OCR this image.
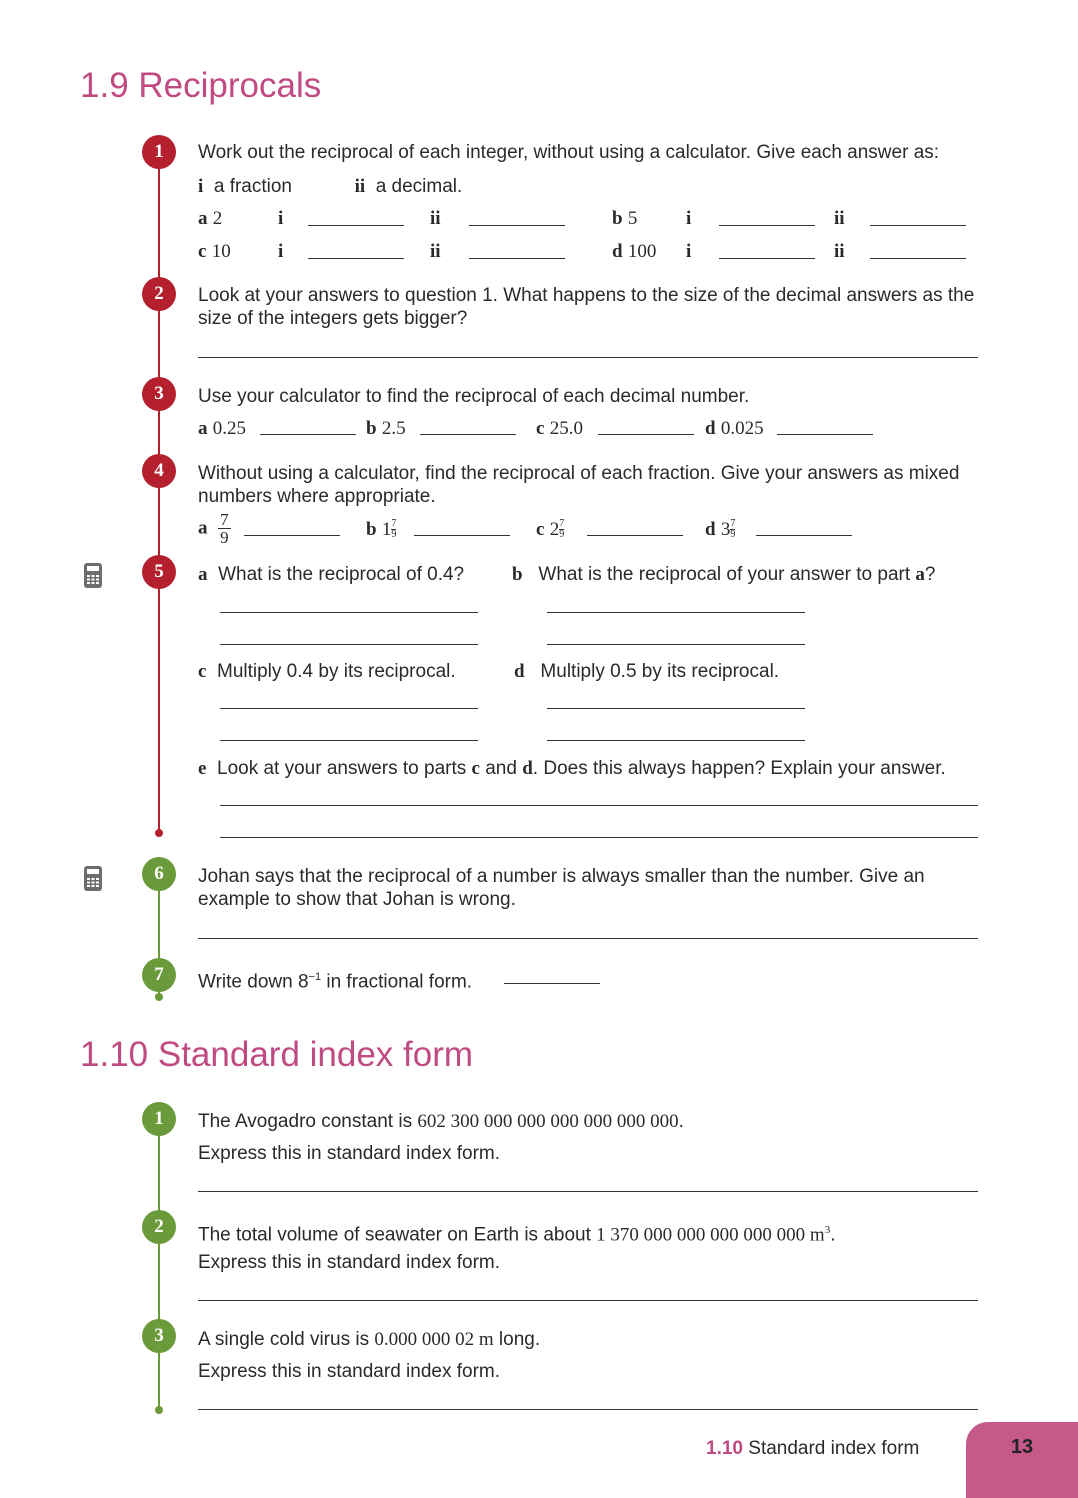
1.9 Reciprocals
1	Work out the reciprocal of each integer, without using a calculator. Give each answer as:
i a fraction	ii a decimal.
a 2	i	ii	b 5	i	ii
c 10 i	ii	d 100 i	ii
2	Look at your answers to question 1. What happens to the size of the decimal answers as the size of the integers gets bigger?
3	Use your calculator to find the reciprocal of each decimal number.
a 0.25	b 2.5	c 25.0	d 0.025
4	Without using a calculator, find the reciprocal of each fraction. Give your answers as mixed numbers where appropriate.
a $\frac{7}{9}$	b $1 \frac{7}{9}$	c $2 \frac{7}{9}$	d $3 \frac{7}{9}$
5	a What is the reciprocal of 0.4?	b What is the reciprocal of your answer to part a?
c Multiply 0.4 by its reciprocal.	d Multiply 0.5 by its reciprocal.
e Look at your answers to parts c and d. Does this always happen? Explain your answer.
6	Johan says that the reciprocal of a number is always smaller than the number. Give an example to show that Johan is wrong.
7	Write down $8^{-1}$ in fractional form.
1.10 Standard index form
1	The Avogadro constant is 602 300 000 000 000 000 000 000.
Express this in standard index form.
2	The total volume of seawater on Earth is about 1 370 000 000 000 000 000 $m^3$.
Express this in standard index form.
3	A single cold virus is 0.000 000 02 m long.
Express this in standard index form.
1.10 Standard index form	13
